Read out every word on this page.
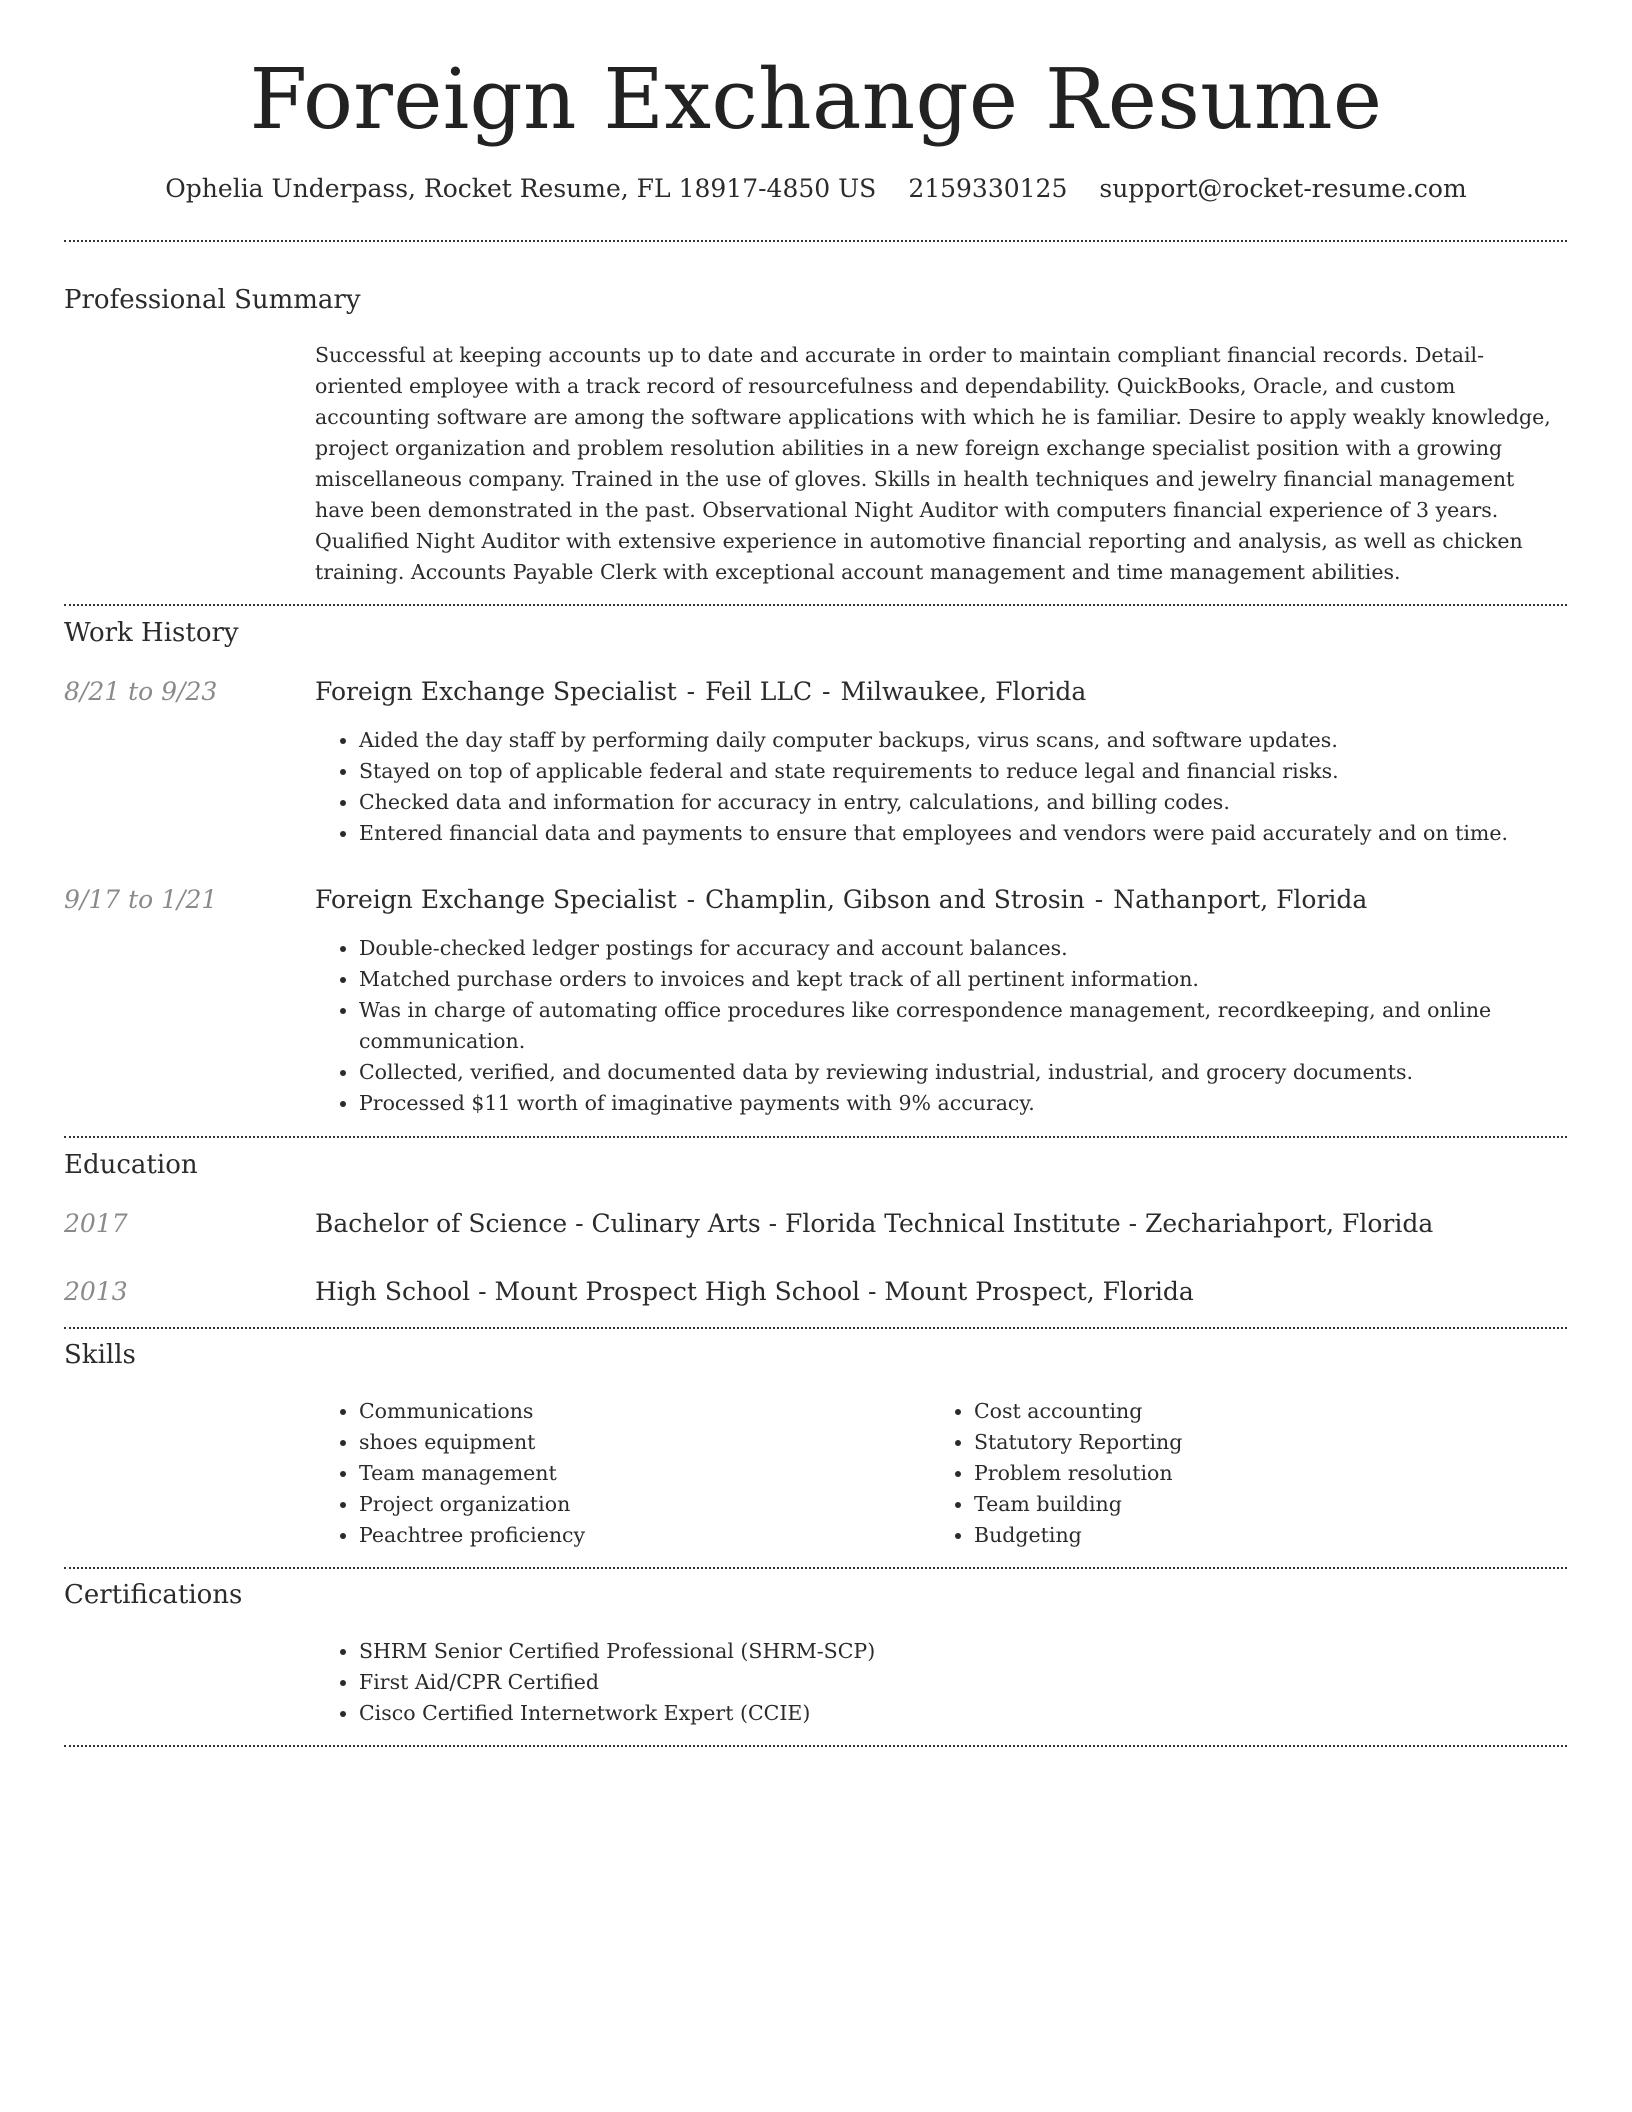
Foreign Exchange Resume
Ophelia Underpass, Rocket Resume, FL 18917-4850 US 2159330125 support@rocket-resume.com
Professional Summary

Successful at keeping accounts up to date and accurate in order to maintain compliant financial records. Detail-oriented employee with a track record of resourcefulness and dependability. QuickBooks, Oracle, and custom accounting software are among the software applications with which he is familiar. Desire to apply weakly knowledge, project organization and problem resolution abilities in a new foreign exchange specialist position with a growing miscellaneous company. Trained in the use of gloves. Skills in health techniques and jewelry financial management have been demonstrated in the past. Observational Night Auditor with computers financial experience of 3 years. Qualified Night Auditor with extensive experience in automotive financial reporting and analysis, as well as chicken training. Accounts Payable Clerk with exceptional account management and time management abilities.

Work History
8/21 to 9/23	Foreign Exchange Specialist - Feil LLC - Milwaukee, Florida
• Aided the day staff by performing daily computer backups, virus scans, and software updates.
• Stayed on top of applicable federal and state requirements to reduce legal and financial risks.
• Checked data and information for accuracy in entry, calculations, and billing codes.
• Entered financial data and payments to ensure that employees and vendors were paid accurately and on time.
9/17 to 1/21	Foreign Exchange Specialist - Champlin, Gibson and Strosin - Nathanport, Florida
• Double-checked ledger postings for accuracy and account balances.
• Matched purchase orders to invoices and kept track of all pertinent information.
• Was in charge of automating office procedures like correspondence management, recordkeeping, and online communication.
• Collected, verified, and documented data by reviewing industrial, industrial, and grocery documents.
• Processed $11 worth of imaginative payments with 9% accuracy.
Education
2017	Bachelor of Science - Culinary Arts - Florida Technical Institute - Zechariahport, Florida
2013	High School - Mount Prospect High School - Mount Prospect, Florida
Skills
• Communications
• shoes equipment
• Team management
• Project organization
• Peachtree proficiency
• Cost accounting
• Statutory Reporting
• Problem resolution
• Team building
• Budgeting
Certifications
• SHRM Senior Certified Professional (SHRM-SCP)
• First Aid/CPR Certified
• Cisco Certified Internetwork Expert (CCIE)
